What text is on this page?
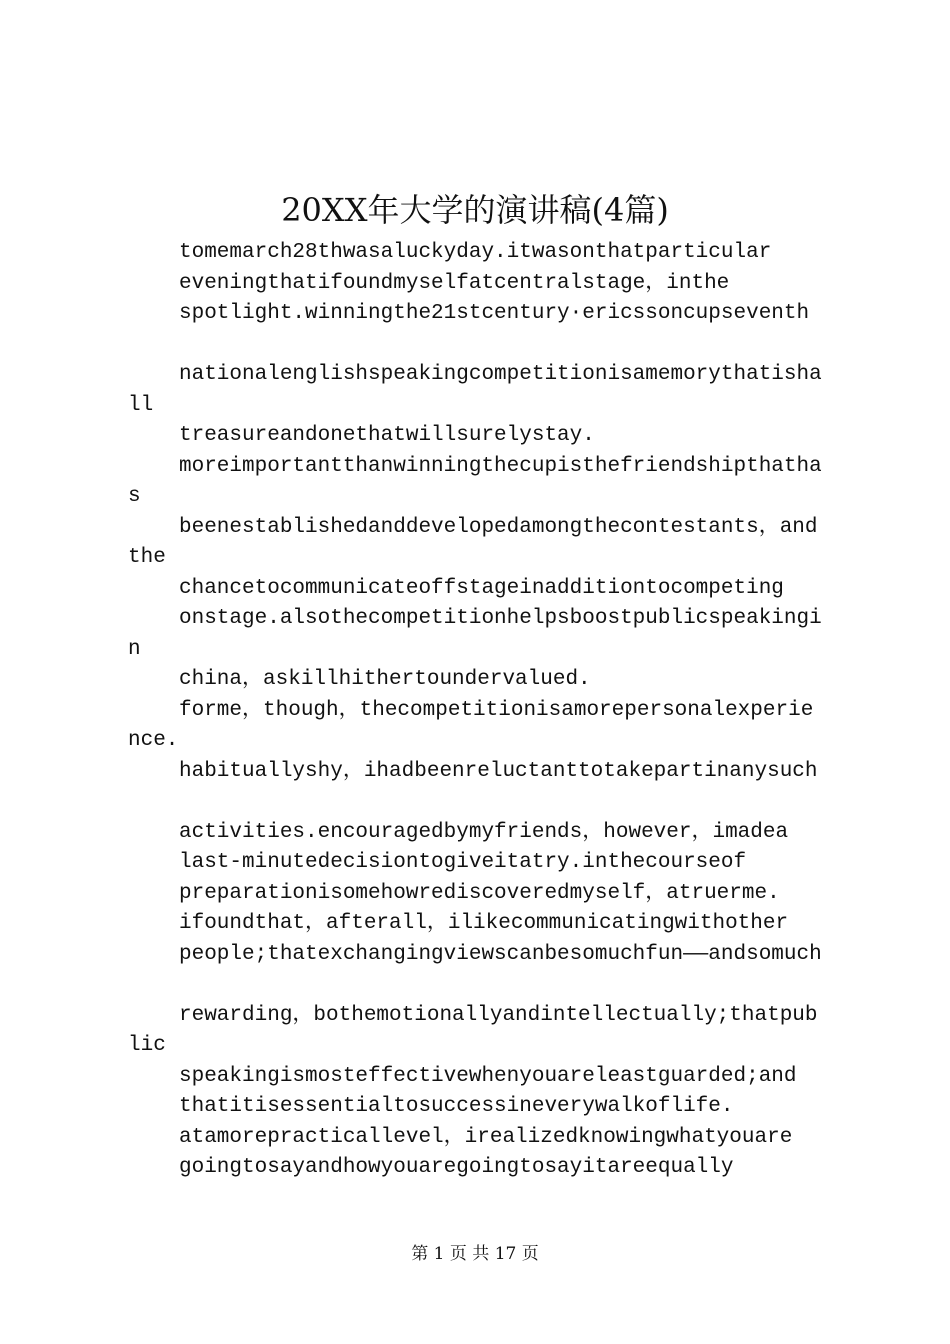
20XX年大学的演讲稿(4篇)
tomemarch28thwasaluckyday.itwasonthatparticular
eveningthatifoundmyselfatcentralstage，inthe
spotlight.winningthe21stcentury·ericssoncupseventh
nationalenglishspeakingcompetitionisamemorythatisha
ll
treasureandonethatwillsurelystay.
moreimportantthanwinningthecupisthefriendshipthatha
s
beenestablishedanddevelopedamongthecontestants，and
the
chancetocommunicateoffstageinadditiontocompeting
onstage.alsothecompetitionhelpsboostpublicspeakingi
n
china，askillhithertoundervalued.
forme，though，thecompetitionisamorepersonalexperie
nce.
habituallyshy，ihadbeenreluctanttotakepartinanysuch
activities.encouragedbymyfriends，however，imadea
last-minutedecisiontogiveitatry.inthecourseof
preparationisomehowrediscoveredmyself，atruerme.
ifoundthat，afterall，ilikecommunicatingwithother
people;thatexchangingviewscanbesomuchfun——andsomuch
rewarding，bothemotionallyandintellectually;thatpub
lic
speakingismosteffectivewhenyouareleastguarded;and
thatitisessentialtosuccessineverywalkoflife.
atamorepracticallevel，irealizedknowingwhatyouare
goingtosayandhowyouaregoingtosayitareequally
第 1 页 共 17 页
